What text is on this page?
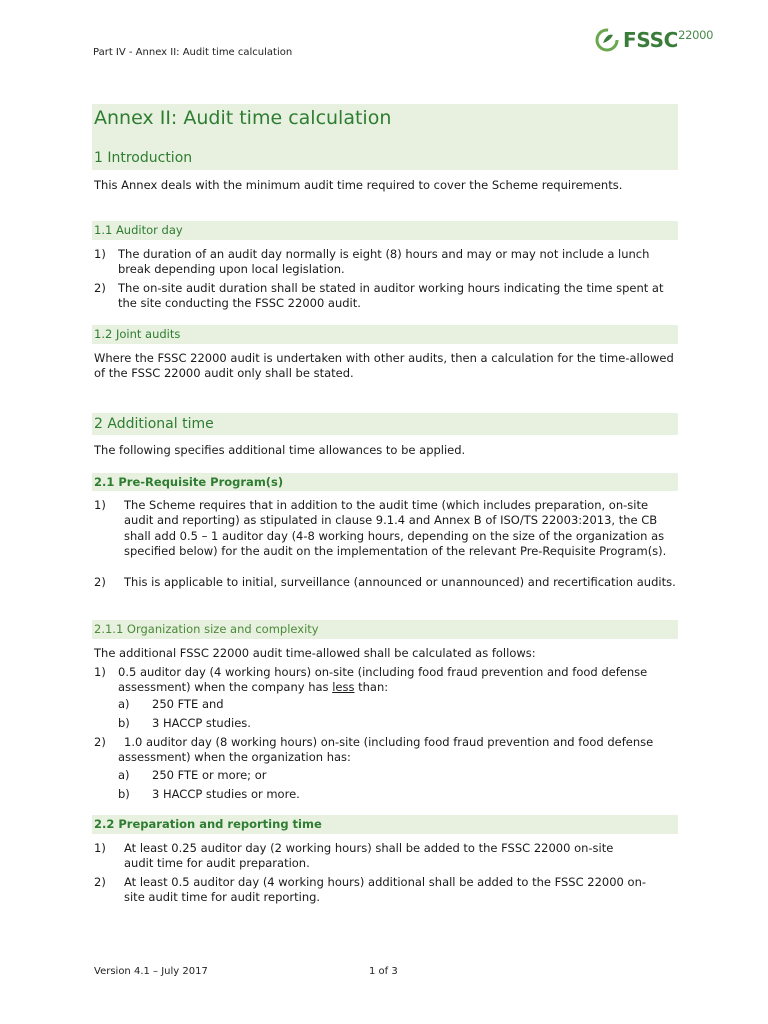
Part IV - Annex II: Audit time calculation
FSSC 22000
Annex II: Audit time calculation
1 Introduction
This Annex deals with the minimum audit time required to cover the Scheme requirements.
1.1 Auditor day
1) The duration of an audit day normally is eight (8) hours and may or may not include a lunch break depending upon local legislation.
2) The on-site audit duration shall be stated in auditor working hours indicating the time spent at the site conducting the FSSC 22000 audit.
1.2 Joint audits
Where the FSSC 22000 audit is undertaken with other audits, then a calculation for the time-allowed of the FSSC 22000 audit only shall be stated.
2 Additional time
The following specifies additional time allowances to be applied.
2.1 Pre-Requisite Program(s)
1) The Scheme requires that in addition to the audit time (which includes preparation, on-site audit and reporting) as stipulated in clause 9.1.4 and Annex B of ISO/TS 22003:2013, the CB shall add 0.5 – 1 auditor day (4-8 working hours, depending on the size of the organization as specified below) for the audit on the implementation of the relevant Pre-Requisite Program(s).
2) This is applicable to initial, surveillance (announced or unannounced) and recertification audits.
2.1.1 Organization size and complexity
The additional FSSC 22000 audit time-allowed shall be calculated as follows:
1) 0.5 auditor day (4 working hours) on-site (including food fraud prevention and food defense assessment) when the company has less than:
a) 250 FTE and
b) 3 HACCP studies.
2)	1.0 auditor day (8 working hours) on-site (including food fraud prevention and food defense assessment) when the organization has:
a) 250 FTE or more; or
b) 3 HACCP studies or more.
2.2 Preparation and reporting time
1) At least 0.25 auditor day (2 working hours) shall be added to the FSSC 22000 on-site audit time for audit preparation.
2) At least 0.5 auditor day (4 working hours) additional shall be added to the FSSC 22000 on-site audit time for audit reporting.
Version 4.1 – July 2017	1 of 3
